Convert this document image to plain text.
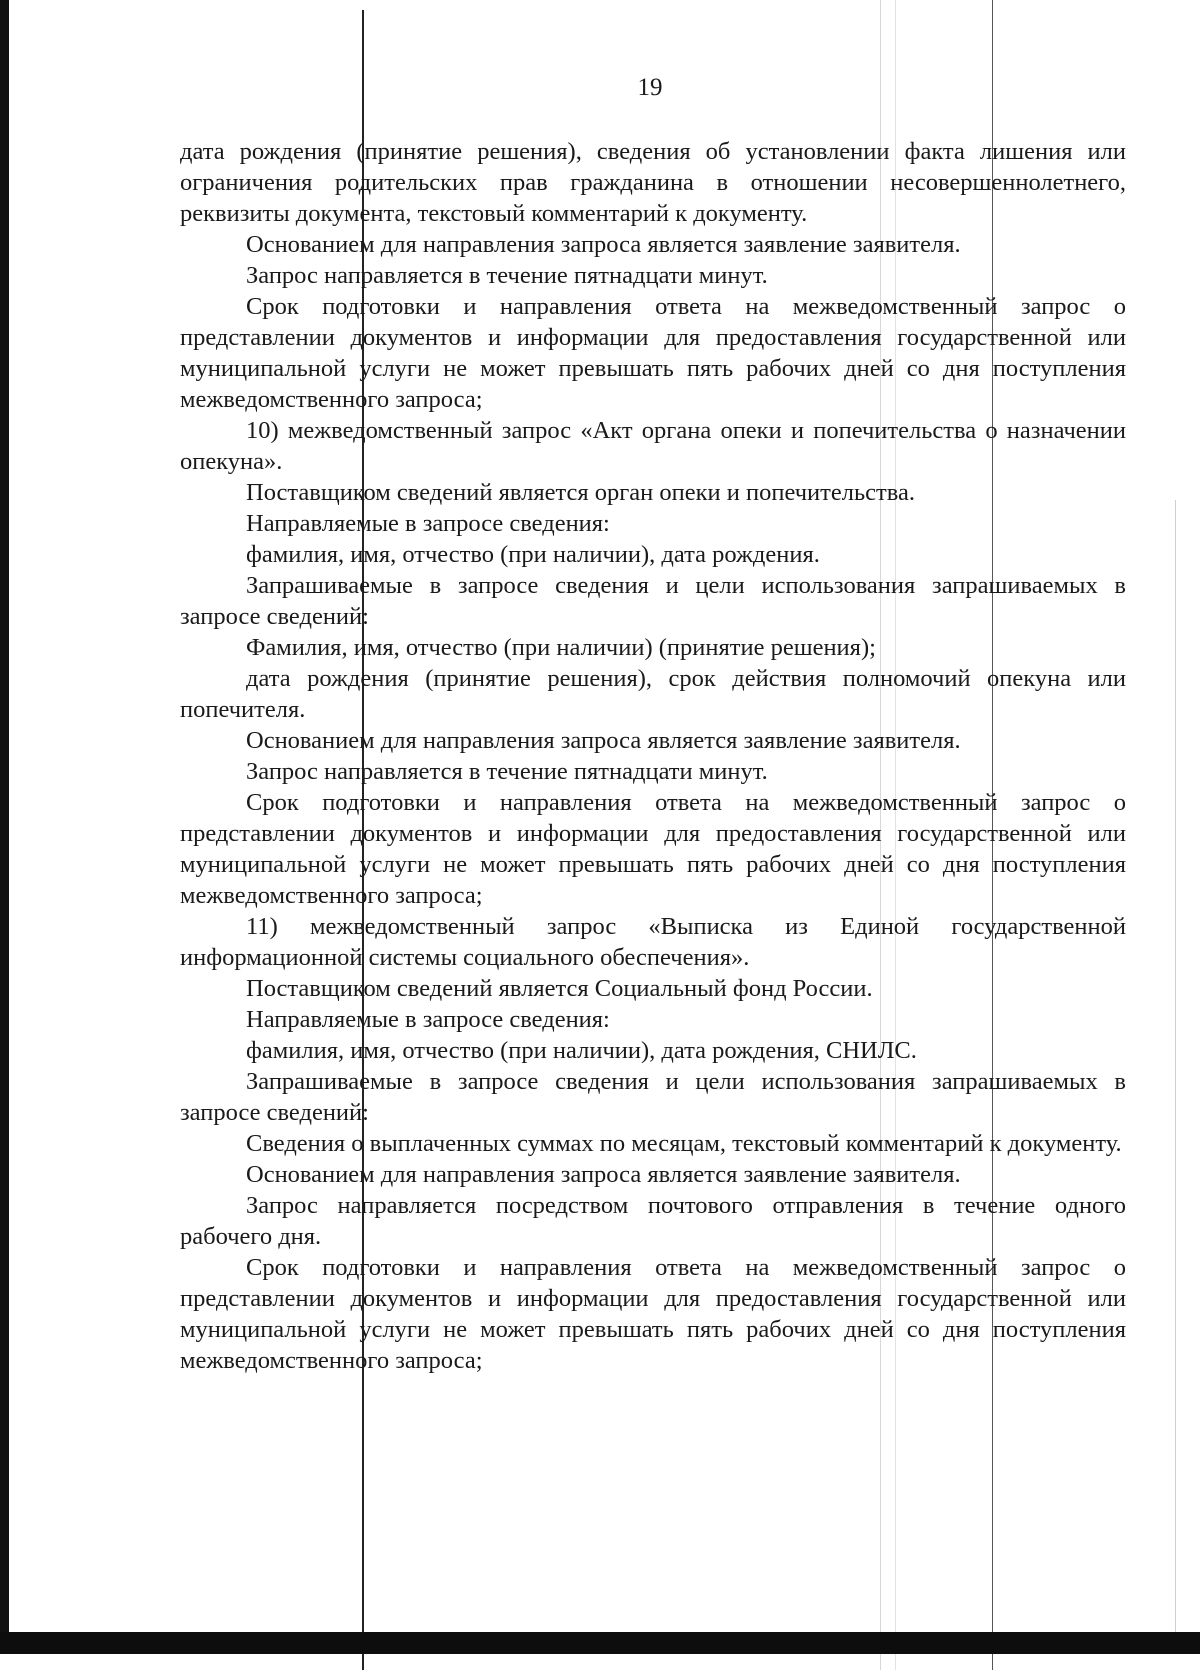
19

дата рождения (принятие решения), сведения об установлении факта лишения или ограничения родительских прав гражданина в отношении несовершеннолетнего, реквизиты документа, текстовый комментарий к документу.

Основанием для направления запроса является заявление заявителя.

Запрос направляется в течение пятнадцати минут.

Срок подготовки и направления ответа на межведомственный запрос о представлении документов и информации для предоставления государственной или муниципальной услуги не может превышать пять рабочих дней со дня поступления межведомственного запроса;

10) межведомственный запрос «Акт органа опеки и попечительства о назначении опекуна».

Поставщиком сведений является орган опеки и попечительства.

Направляемые в запросе сведения:

фамилия, имя, отчество (при наличии), дата рождения.

Запрашиваемые в запросе сведения и цели использования запрашиваемых в запросе сведений:

Фамилия, имя, отчество (при наличии) (принятие решения);

дата рождения (принятие решения), срок действия полномочий опекуна или попечителя.

Основанием для направления запроса является заявление заявителя.

Запрос направляется в течение пятнадцати минут.

Срок подготовки и направления ответа на межведомственный запрос о представлении документов и информации для предоставления государственной или муниципальной услуги не может превышать пять рабочих дней со дня поступления межведомственного запроса;

11) межведомственный запрос «Выписка из Единой государственной информационной системы социального обеспечения».

Поставщиком сведений является Социальный фонд России.

Направляемые в запросе сведения:

фамилия, имя, отчество (при наличии), дата рождения, СНИЛС.

Запрашиваемые в запросе сведения и цели использования запрашиваемых в запросе сведений:

Сведения о выплаченных суммах по месяцам, текстовый комментарий к документу.

Основанием для направления запроса является заявление заявителя.

Запрос направляется посредством почтового отправления в течение одного рабочего дня.

Срок подготовки и направления ответа на межведомственный запрос о представлении документов и информации для предоставления государственной или муниципальной услуги не может превышать пять рабочих дней со дня поступления межведомственного запроса;
